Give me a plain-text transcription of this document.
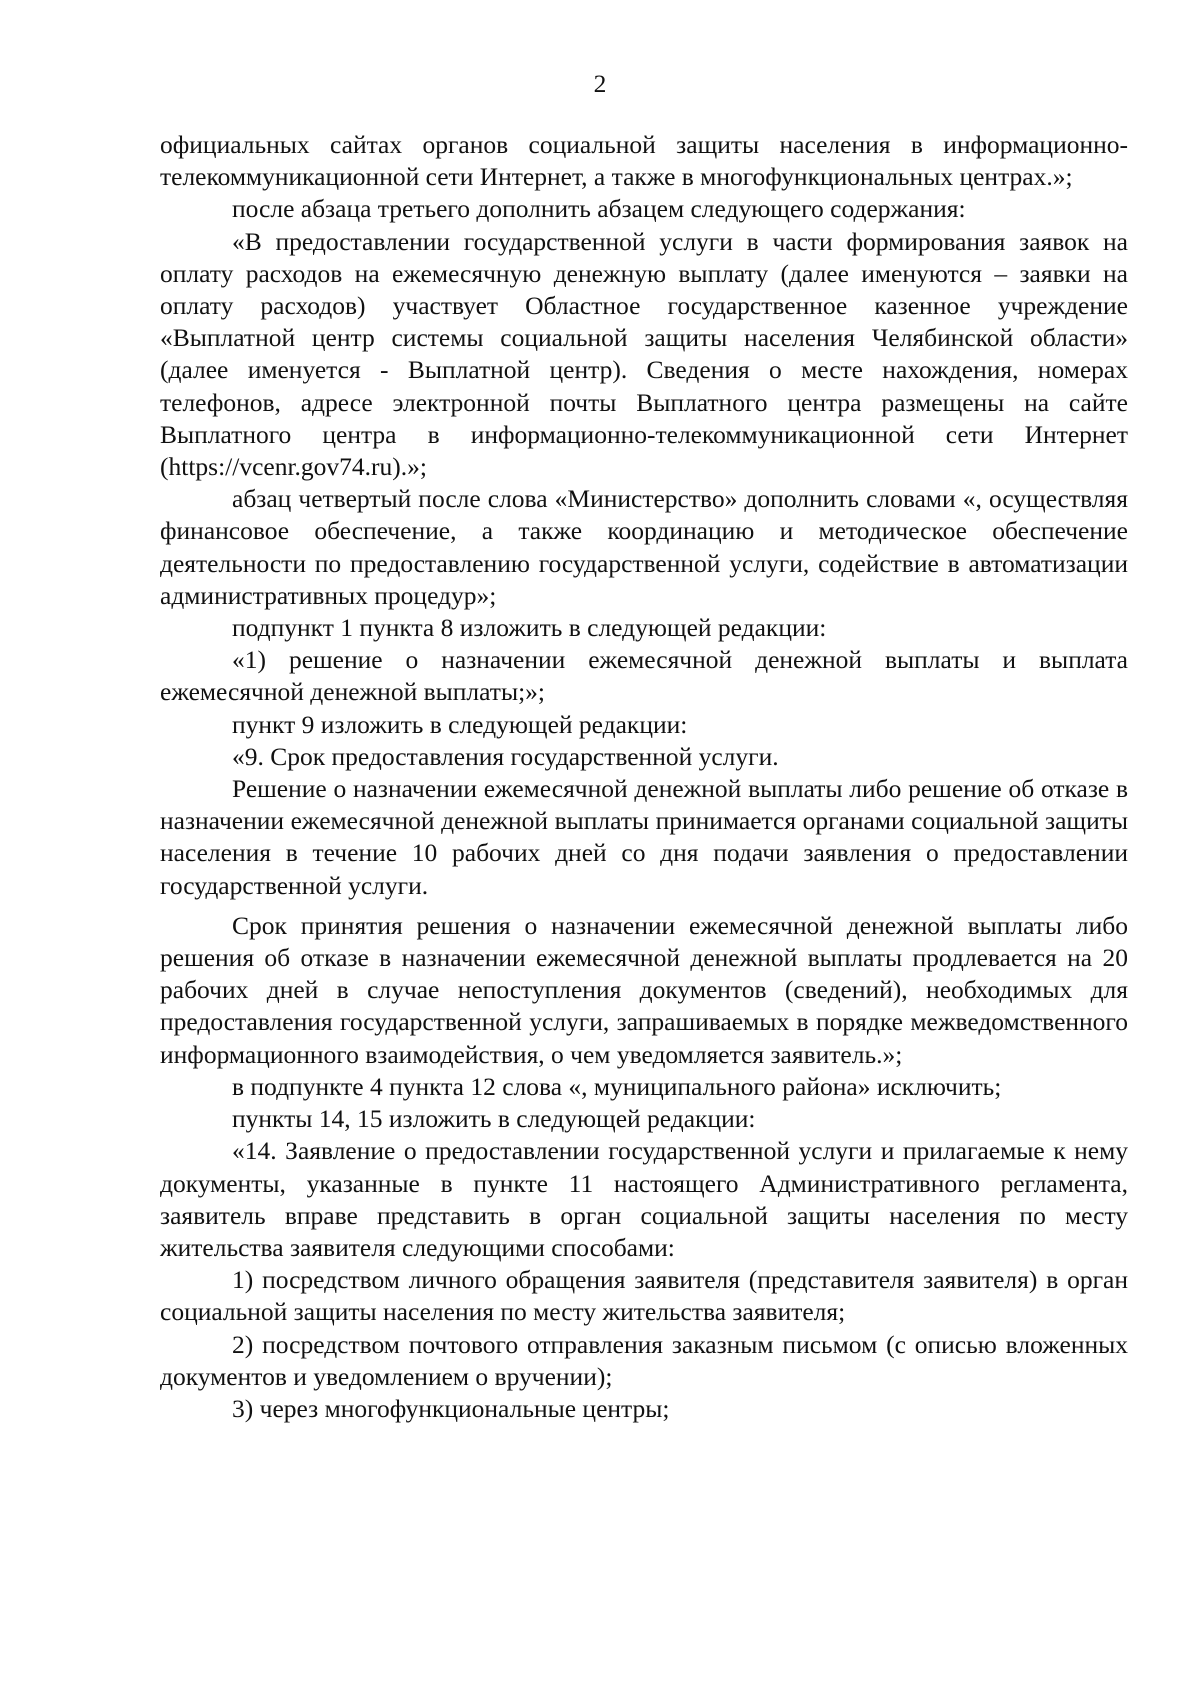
2

официальных сайтах органов социальной защиты населения в информационно-телекоммуникационной сети Интернет, а также в многофункциональных центрах.»;

после абзаца третьего дополнить абзацем следующего содержания:

«В предоставлении государственной услуги в части формирования заявок на оплату расходов на ежемесячную денежную выплату (далее именуются – заявки на оплату расходов) участвует Областное государственное казенное учреждение «Выплатной центр системы социальной защиты населения Челябинской области» (далее именуется - Выплатной центр). Сведения о месте нахождения, номерах телефонов, адресе электронной почты Выплатного центра размещены на сайте Выплатного центра в информационно-телекоммуникационной сети Интернет (https://vcenr.gov74.ru).»;

абзац четвертый после слова «Министерство» дополнить словами «, осуществляя финансовое обеспечение, а также координацию и методическое обеспечение деятельности по предоставлению государственной услуги, содействие в автоматизации административных процедур»;

подпункт 1 пункта 8 изложить в следующей редакции:

«1) решение о назначении ежемесячной денежной выплаты и выплата ежемесячной денежной выплаты;»;

пункт 9 изложить в следующей редакции:

«9. Срок предоставления государственной услуги.

Решение о назначении ежемесячной денежной выплаты либо решение об отказе в назначении ежемесячной денежной выплаты принимается органами социальной защиты населения в течение 10 рабочих дней со дня подачи заявления о предоставлении государственной услуги.

Срок принятия решения о назначении ежемесячной денежной выплаты либо решения об отказе в назначении ежемесячной денежной выплаты продлевается на 20 рабочих дней в случае непоступления документов (сведений), необходимых для предоставления государственной услуги, запрашиваемых в порядке межведомственного информационного взаимодействия, о чем уведомляется заявитель.»;

в подпункте 4 пункта 12 слова «, муниципального района» исключить;

пункты 14, 15 изложить в следующей редакции:

«14. Заявление о предоставлении государственной услуги и прилагаемые к нему документы, указанные в пункте 11 настоящего Административного регламента, заявитель вправе представить в орган социальной защиты населения по месту жительства заявителя следующими способами:

1) посредством личного обращения заявителя (представителя заявителя) в орган социальной защиты населения по месту жительства заявителя;

2) посредством почтового отправления заказным письмом (с описью вложенных документов и уведомлением о вручении);

3) через многофункциональные центры;
